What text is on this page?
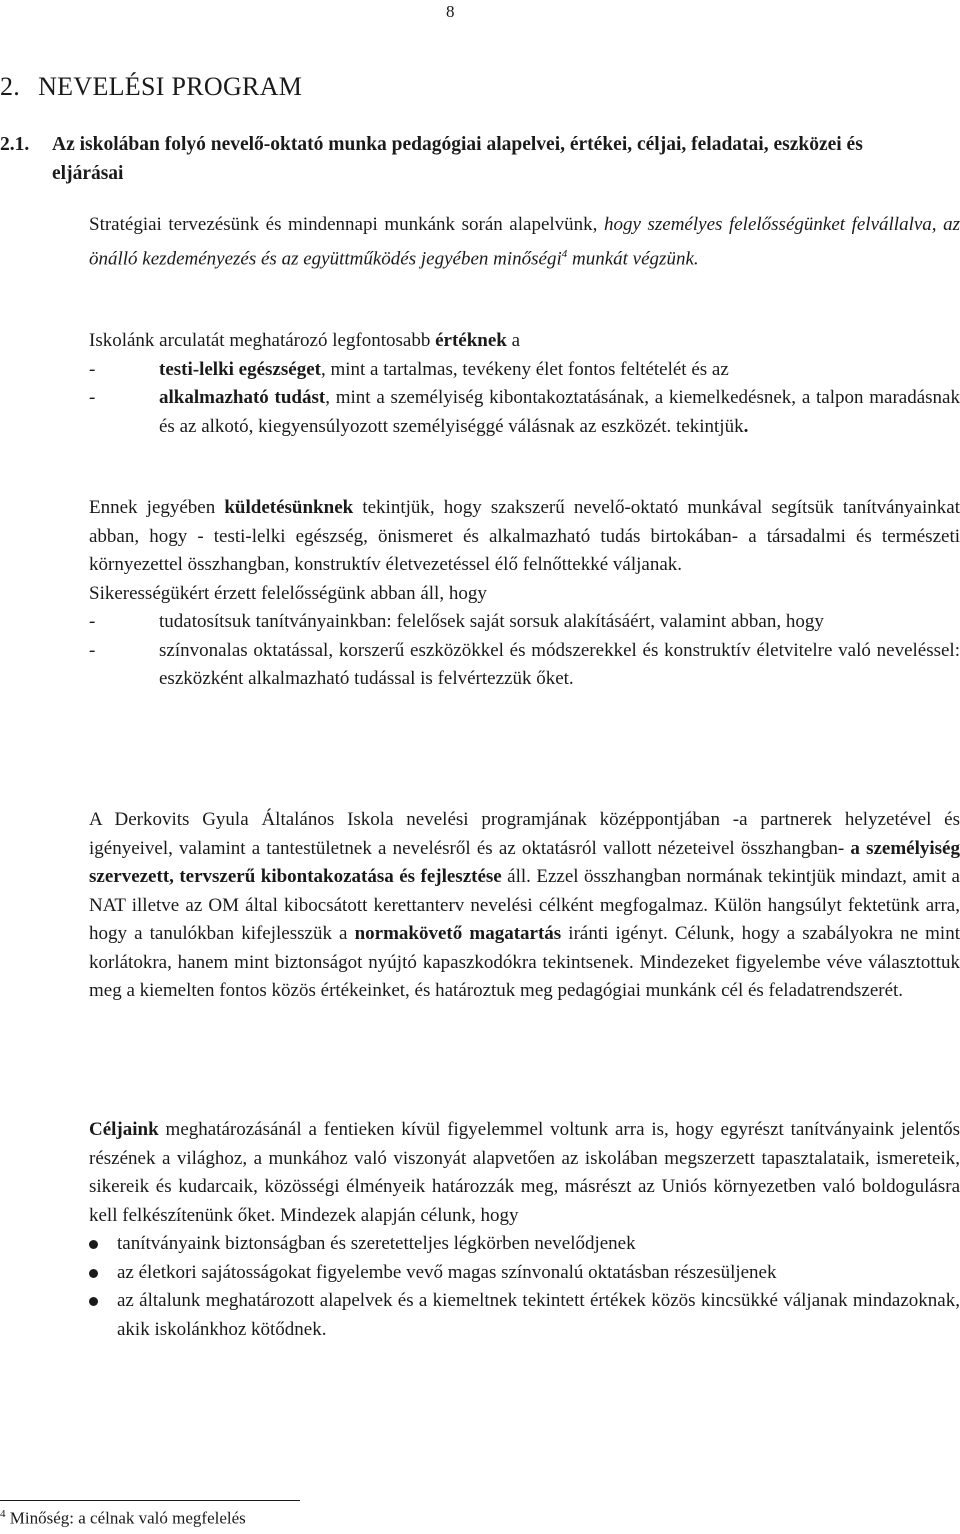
8
2. NEVELÉSI PROGRAM
2.1.	Az iskolában folyó nevelő-oktató munka pedagógiai alapelvei, értékei, céljai, feladatai, eszközei és eljárásai
Stratégiai tervezésünk és mindennapi munkánk során alapelvünk, hogy személyes felelősségünket felvállalva, az önálló kezdeményezés és az együttműködés jegyében minőségi$^4$ munkát végzünk.
Iskolánk arculatát meghatározó legfontosabb értéknek a
-	testi-lelki egészséget, mint a tartalmas, tevékeny élet fontos feltételét és az
-	alkalmazható tudást, mint a személyiség kibontakoztatásának, a kiemelkedésnek, a talpon maradásnak és az alkotó, kiegyensúlyozott személyiséggé válásnak az eszközét. tekintjük.
Ennek jegyében küldetésünknek tekintjük, hogy szakszerű nevelő-oktató munkával segítsük tanítványainkat abban, hogy - testi-lelki egészség, önismeret és alkalmazható tudás birtokában- a társadalmi és természeti környezettel összhangban, konstruktív életvezetéssel élő felnőttekké váljanak.
Sikerességükért érzett felelősségünk abban áll, hogy
-	tudatosítsuk tanítványainkban: felelősek saját sorsuk alakításáért, valamint abban, hogy
-	színvonalas oktatással, korszerű eszközökkel és módszerekkel és konstruktív életvitelre való neveléssel: eszközként alkalmazható tudással is felvértezzük őket.
A Derkovits Gyula Általános Iskola nevelési programjának középpontjában -a partnerek helyzetével és igényeivel, valamint a tantestületnek a nevelésről és az oktatásról vallott nézeteivel összhangban- a személyiség szervezett, tervszerű kibontakozatása és fejlesztése áll. Ezzel összhangban normának tekintjük mindazt, amit a NAT illetve az OM által kibocsátott kerettanterv nevelési célként megfogalmaz. Külön hangsúlyt fektetünk arra, hogy a tanulókban kifejlesszük a normakövető magatartás iránti igényt. Célunk, hogy a szabályokra ne mint korlátokra, hanem mint biztonságot nyújtó kapaszkodókra tekintsenek. Mindezeket figyelembe véve választottuk meg a kiemelten fontos közös értékeinket, és határoztuk meg pedagógiai munkánk cél és feladatrendszerét.
Céljaink meghatározásánál a fentieken kívül figyelemmel voltunk arra is, hogy egyrészt tanítványaink jelentős részének a világhoz, a munkához való viszonyát alapvetően az iskolában megszerzett tapasztalataik, ismereteik, sikereik és kudarcaik, közösségi élményeik határozzák meg, másrészt az Uniós környezetben való boldogulásra kell felkészítenünk őket. Mindezek alapján célunk, hogy
tanítványaink biztonságban és szeretetteljes légkörben nevelődjenek
az életkori sajátosságokat figyelembe vevő magas színvonalú oktatásban részesüljenek
az általunk meghatározott alapelvek és a kiemeltnek tekintett értékek közös kincsükké váljanak mindazoknak, akik iskolánkhoz kötődnek.
$^4$ Minőség: a célnak való megfelelés
